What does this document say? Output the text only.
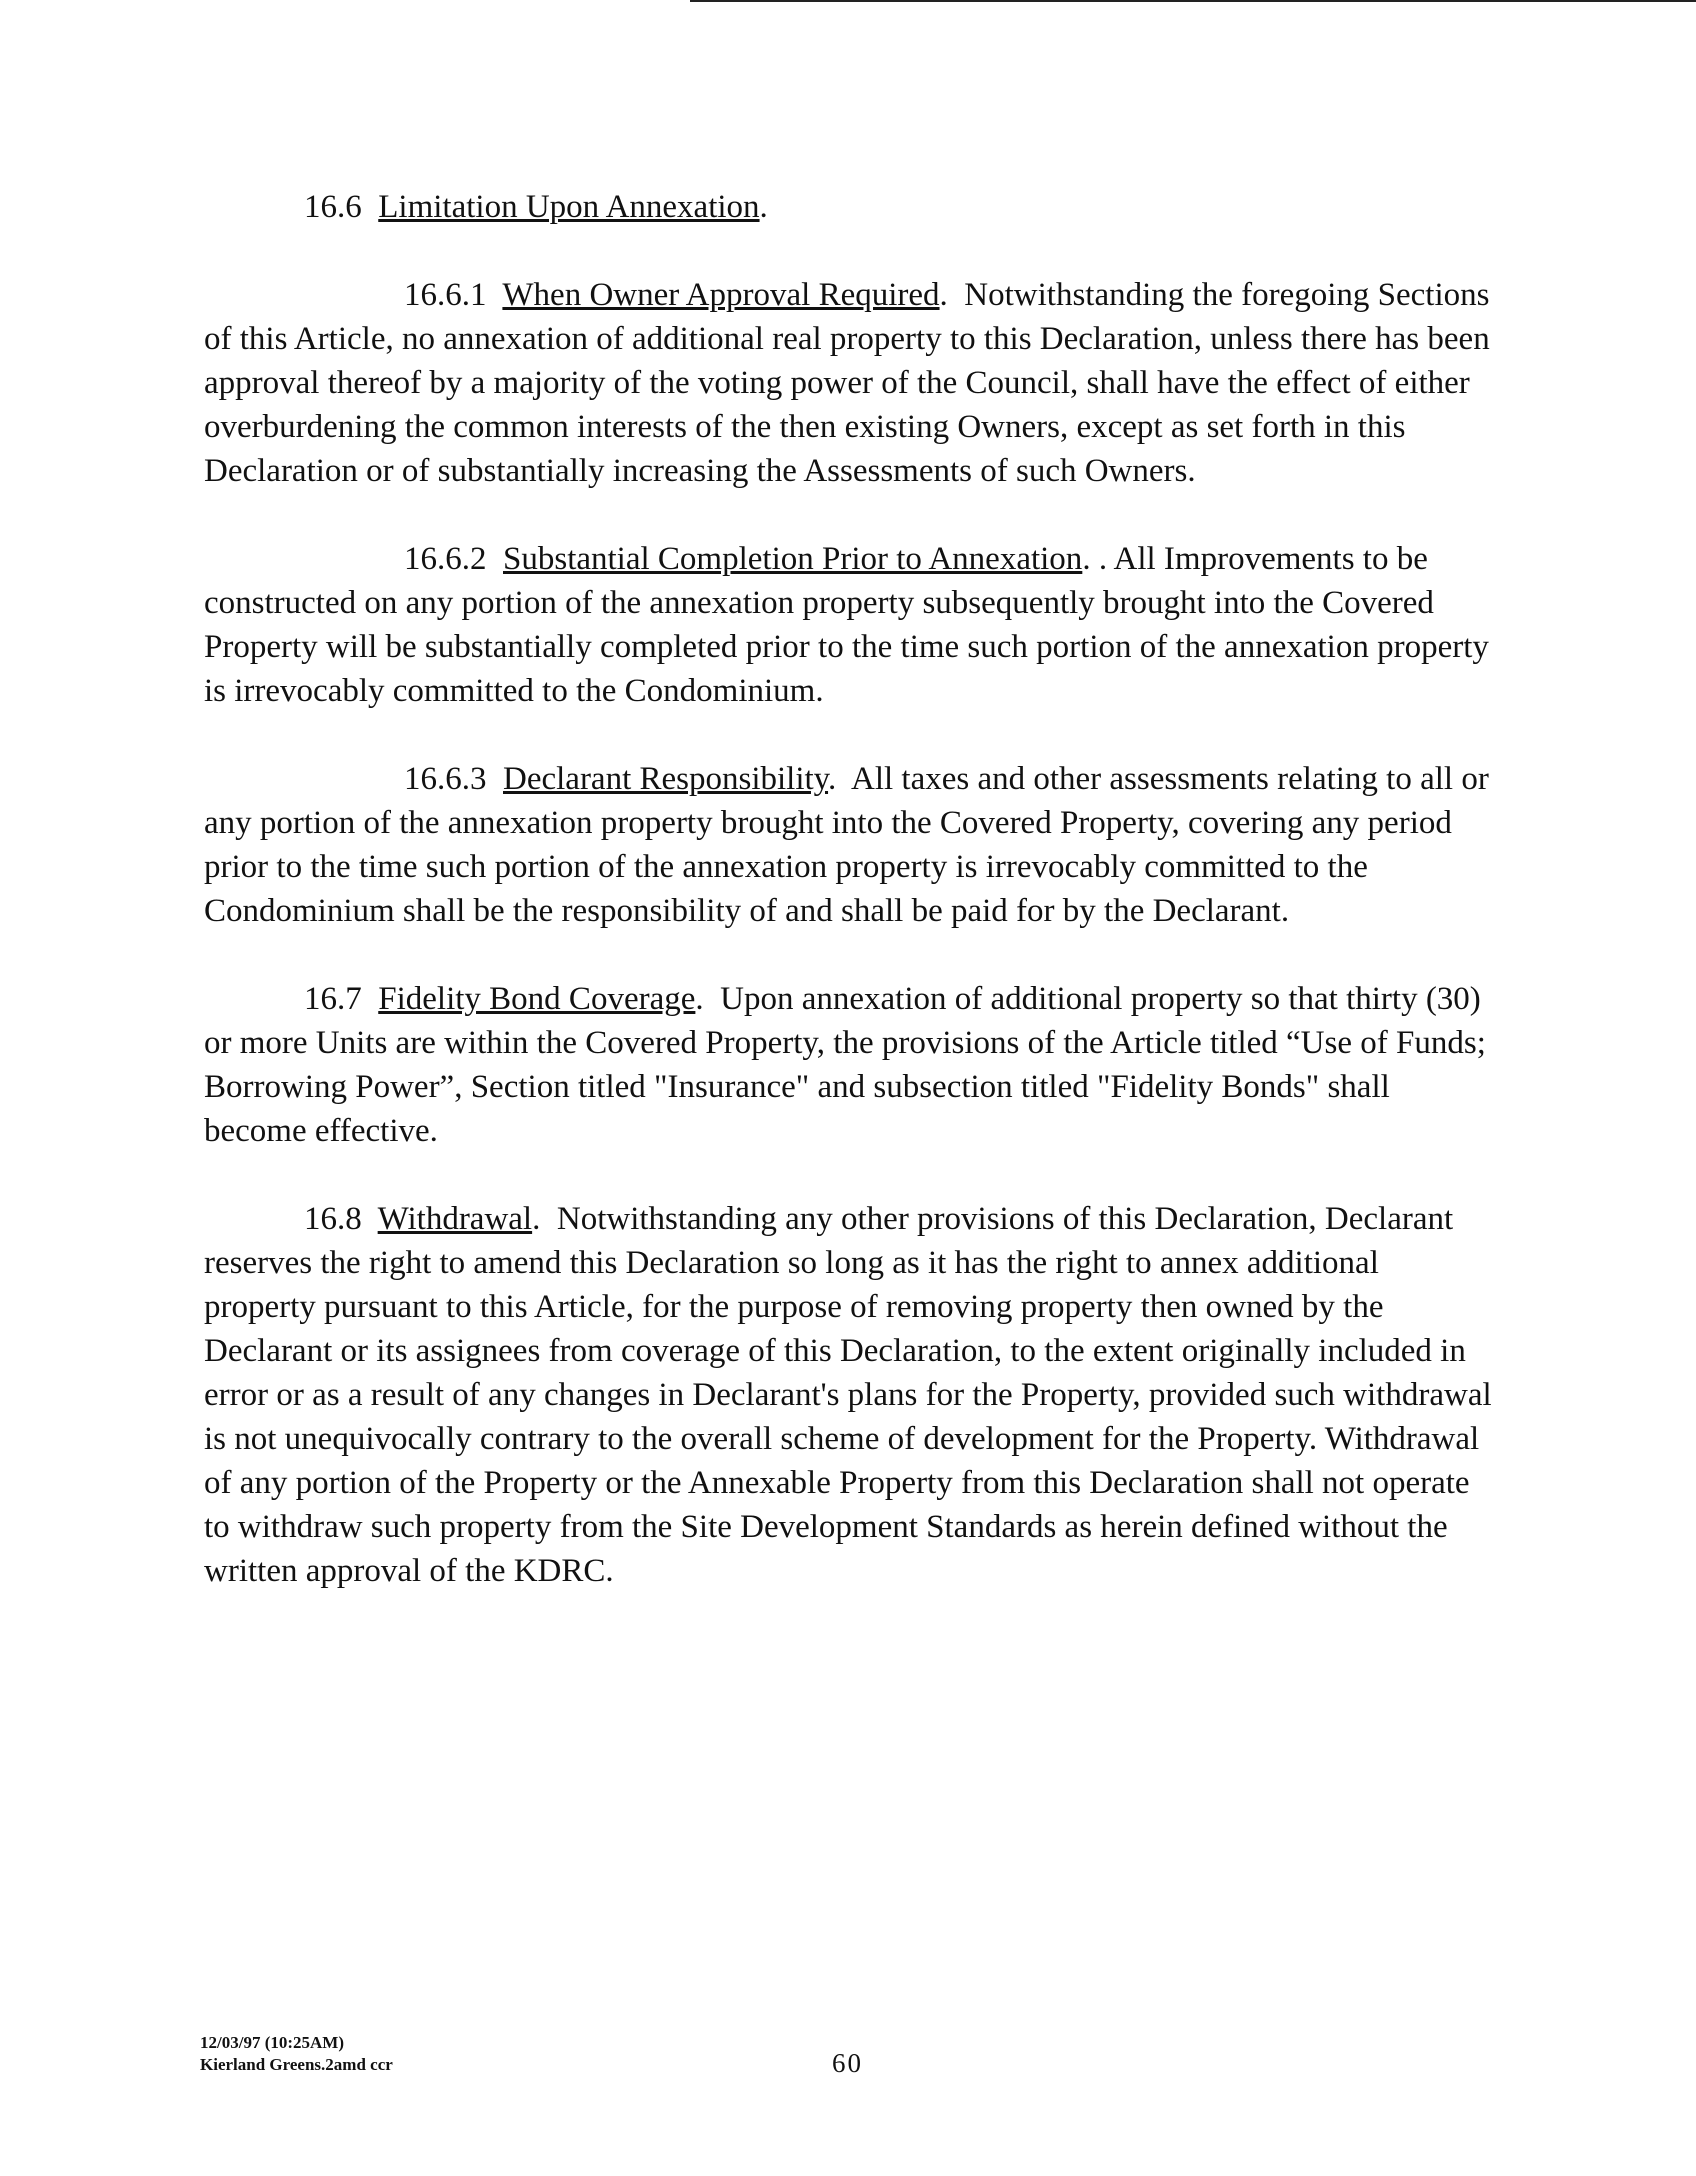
16.6 Limitation Upon Annexation.

16.6.1 When Owner Approval Required. Notwithstanding the foregoing Sections of this Article, no annexation of additional real property to this Declaration, unless there has been approval thereof by a majority of the voting power of the Council, shall have the effect of either overburdening the common interests of the then existing Owners, except as set forth in this Declaration or of substantially increasing the Assessments of such Owners.

16.6.2 Substantial Completion Prior to Annexation. . All Improvements to be constructed on any portion of the annexation property subsequently brought into the Covered Property will be substantially completed prior to the time such portion of the annexation property is irrevocably committed to the Condominium.

16.6.3 Declarant Responsibility. All taxes and other assessments relating to all or any portion of the annexation property brought into the Covered Property, covering any period prior to the time such portion of the annexation property is irrevocably committed to the Condominium shall be the responsibility of and shall be paid for by the Declarant.

16.7 Fidelity Bond Coverage. Upon annexation of additional property so that thirty (30) or more Units are within the Covered Property, the provisions of the Article titled “Use of Funds; Borrowing Power”, Section titled "Insurance" and subsection titled "Fidelity Bonds" shall become effective.

16.8 Withdrawal. Notwithstanding any other provisions of this Declaration, Declarant reserves the right to amend this Declaration so long as it has the right to annex additional property pursuant to this Article, for the purpose of removing property then owned by the Declarant or its assignees from coverage of this Declaration, to the extent originally included in error or as a result of any changes in Declarant's plans for the Property, provided such withdrawal is not unequivocally contrary to the overall scheme of development for the Property. Withdrawal of any portion of the Property or the Annexable Property from this Declaration shall not operate to withdraw such property from the Site Development Standards as herein defined without the written approval of the KDRC.

12/03/97 (10:25AM)
Kierland Greens.2amd ccr	60
